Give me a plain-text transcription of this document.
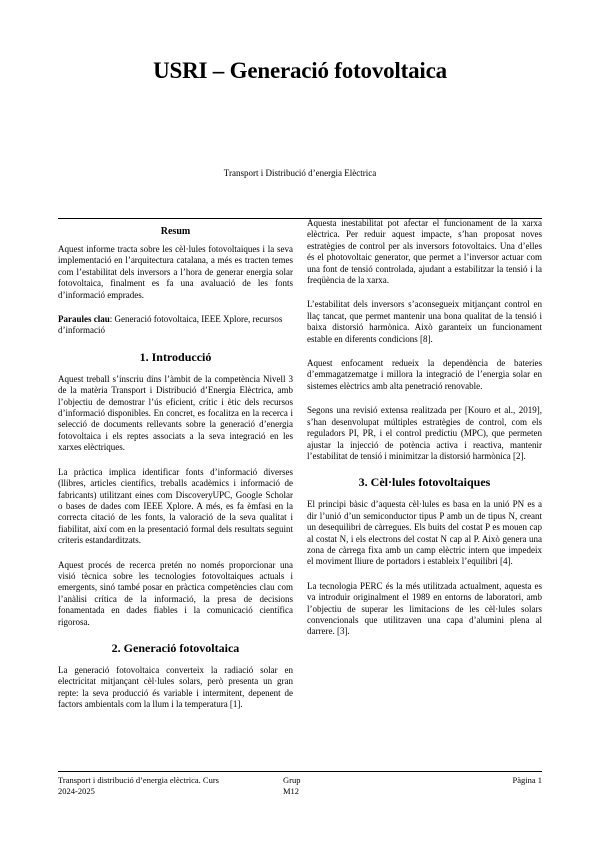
USRI – Generació fotovoltaica

Transport i Distribució d’energia Elèctrica

Resum

Aquest informe tracta sobre les cèl·lules fotovoltaiques i la seva implementació en l’arquitectura catalana, a més es tracten temes com l’estabilitat dels inversors a l’hora de generar energia solar fotovoltaica, finalment es fa una avaluació de les fonts d’informació emprades.

Paraules clau: Generació fotovoltaica, IEEE Xplore, recursos d’informació

1. Introducció

Aquest treball s’inscriu dins l’àmbit de la competència Nivell 3 de la matèria Transport i Distribució d’Energia Elèctrica, amb l’objectiu de demostrar l’ús eficient, crític i ètic dels recursos d’informació disponibles. En concret, es focalitza en la recerca i selecció de documents rellevants sobre la generació d’energia fotovoltaica i els reptes associats a la seva integració en les xarxes elèctriques.

La pràctica implica identificar fonts d’informació diverses (llibres, articles científics, treballs acadèmics i informació de fabricants) utilitzant eines com DiscoveryUPC, Google Scholar o bases de dades com IEEE Xplore. A més, es fa èmfasi en la correcta citació de les fonts, la valoració de la seva qualitat i fiabilitat, així com en la presentació formal dels resultats seguint criteris estandarditzats.

Aquest procés de recerca pretén no només proporcionar una visió tècnica sobre les tecnologies fotovoltaiques actuals i emergents, sinó també posar en pràctica competències clau com l’anàlisi crítica de la informació, la presa de decisions fonamentada en dades fiables i la comunicació científica rigorosa.

2. Generació fotovoltaica

La generació fotovoltaica converteix la radiació solar en electricitat mitjançant cèl·lules solars, però presenta un gran repte: la seva producció és variable i intermitent, depenent de factors ambientals com la llum i la temperatura [1].

Aquesta inestabilitat pot afectar el funcionament de la xarxa elèctrica. Per reduir aquest impacte, s’han proposat noves estratègies de control per als inversors fotovoltaics. Una d’elles és el photovoltaic generator, que permet a l’inversor actuar com una font de tensió controlada, ajudant a estabilitzar la tensió i la freqüència de la xarxa.

L’estabilitat dels inversors s’aconsegueix mitjançant control en llaç tancat, que permet mantenir una bona qualitat de la tensió i baixa distorsió harmònica. Això garanteix un funcionament estable en diferents condicions [8].

Aquest enfocament redueix la dependència de bateries d’emmagatzematge i millora la integració de l’energia solar en sistemes elèctrics amb alta penetració renovable.

Segons una revisió extensa realitzada per [Kouro et al., 2019], s’han desenvolupat múltiples estratègies de control, com els reguladors PI, PR, i el control predictiu (MPC), que permeten ajustar la injecció de potència activa i reactiva, mantenir l’estabilitat de tensió i minimitzar la distorsió harmònica [2].

3. Cèl·lules fotovoltaiques

El principi bàsic d’aquesta cèl·lules es basa en la unió PN es a dir l’unió d’un semiconductor tipus P amb un de tipus N, creant un desequilibri de càrregues. Els buits del costat P es mouen cap al costat N, i els electrons del costat N cap al P. Això genera una zona de càrrega fixa amb un camp elèctric intern que impedeix el moviment lliure de portadors i estableix l’equilibri [4].

La tecnologia PERC és la més utilitzada actualment, aquesta es va introduir originalment el 1989 en entorns de laboratori, amb l’objectiu de superar les limitacions de les cèl·lules solars convencionals que utilitzaven una capa d’alumini plena al darrere. [3].

Transport i distribució d’energia elèctrica. Curs
2024-2025
Grup
M12
Pàgina 1
